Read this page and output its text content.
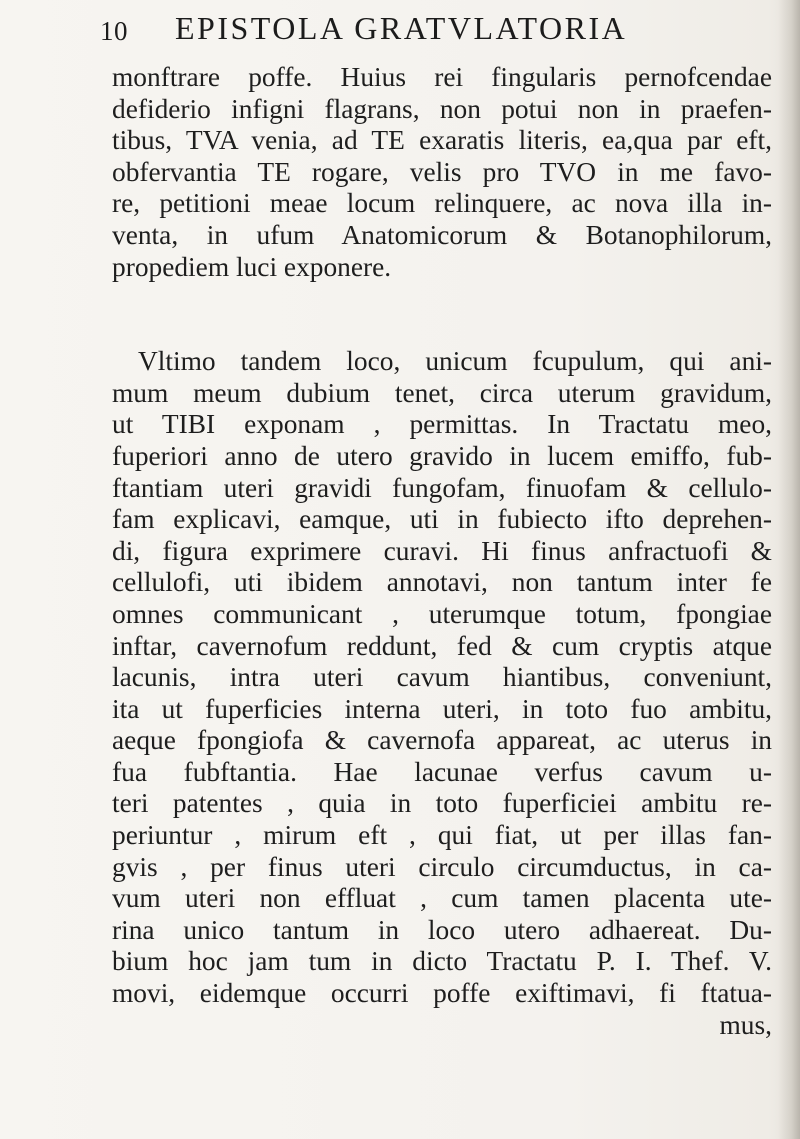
10 EPISTOLA GRATVLATORIA
monftrare poffe. Huius rei fingularis pernofcendae
defiderio infigni flagrans, non potui non in praefen-
tibus, TVA venia, ad TE exaratis literis, ea,qua par eft,
obfervantia TE rogare, velis pro TVO in me favo-
re, petitioni meae locum relinquere, ac nova illa in-
venta, in ufum Anatomicorum & Botanophilorum,
propediem luci exponere.
Vltimo tandem loco, unicum fcupulum, qui ani-
mum meum dubium tenet, circa uterum gravidum,
ut TIBI exponam , permittas. In Tractatu meo,
fuperiori anno de utero gravido in lucem emiffo, fub-
ftantiam uteri gravidi fungofam, finuofam & cellulo-
fam explicavi, eamque, uti in fubiecto ifto deprehen-
di, figura exprimere curavi. Hi finus anfractuofi &
cellulofi, uti ibidem annotavi, non tantum inter fe
omnes communicant , uterumque totum, fpongiae
inftar, cavernofum reddunt, fed & cum cryptis atque
lacunis, intra uteri cavum hiantibus, conveniunt,
ita ut fuperficies interna uteri, in toto fuo ambitu,
aeque fpongiofa & cavernofa appareat, ac uterus in
fua fubftantia. Hae lacunae verfus cavum u-
teri patentes , quia in toto fuperficiei ambitu re-
periuntur , mirum eft , qui fiat, ut per illas fan-
gvis , per finus uteri circulo circumductus, in ca-
vum uteri non effluat , cum tamen placenta ute-
rina unico tantum in loco utero adhaereat. Du-
bium hoc jam tum in dicto Tractatu P. I. Thef. V.
movi, eidemque occurri poffe exiftimavi, fi ftatua-
mus,
